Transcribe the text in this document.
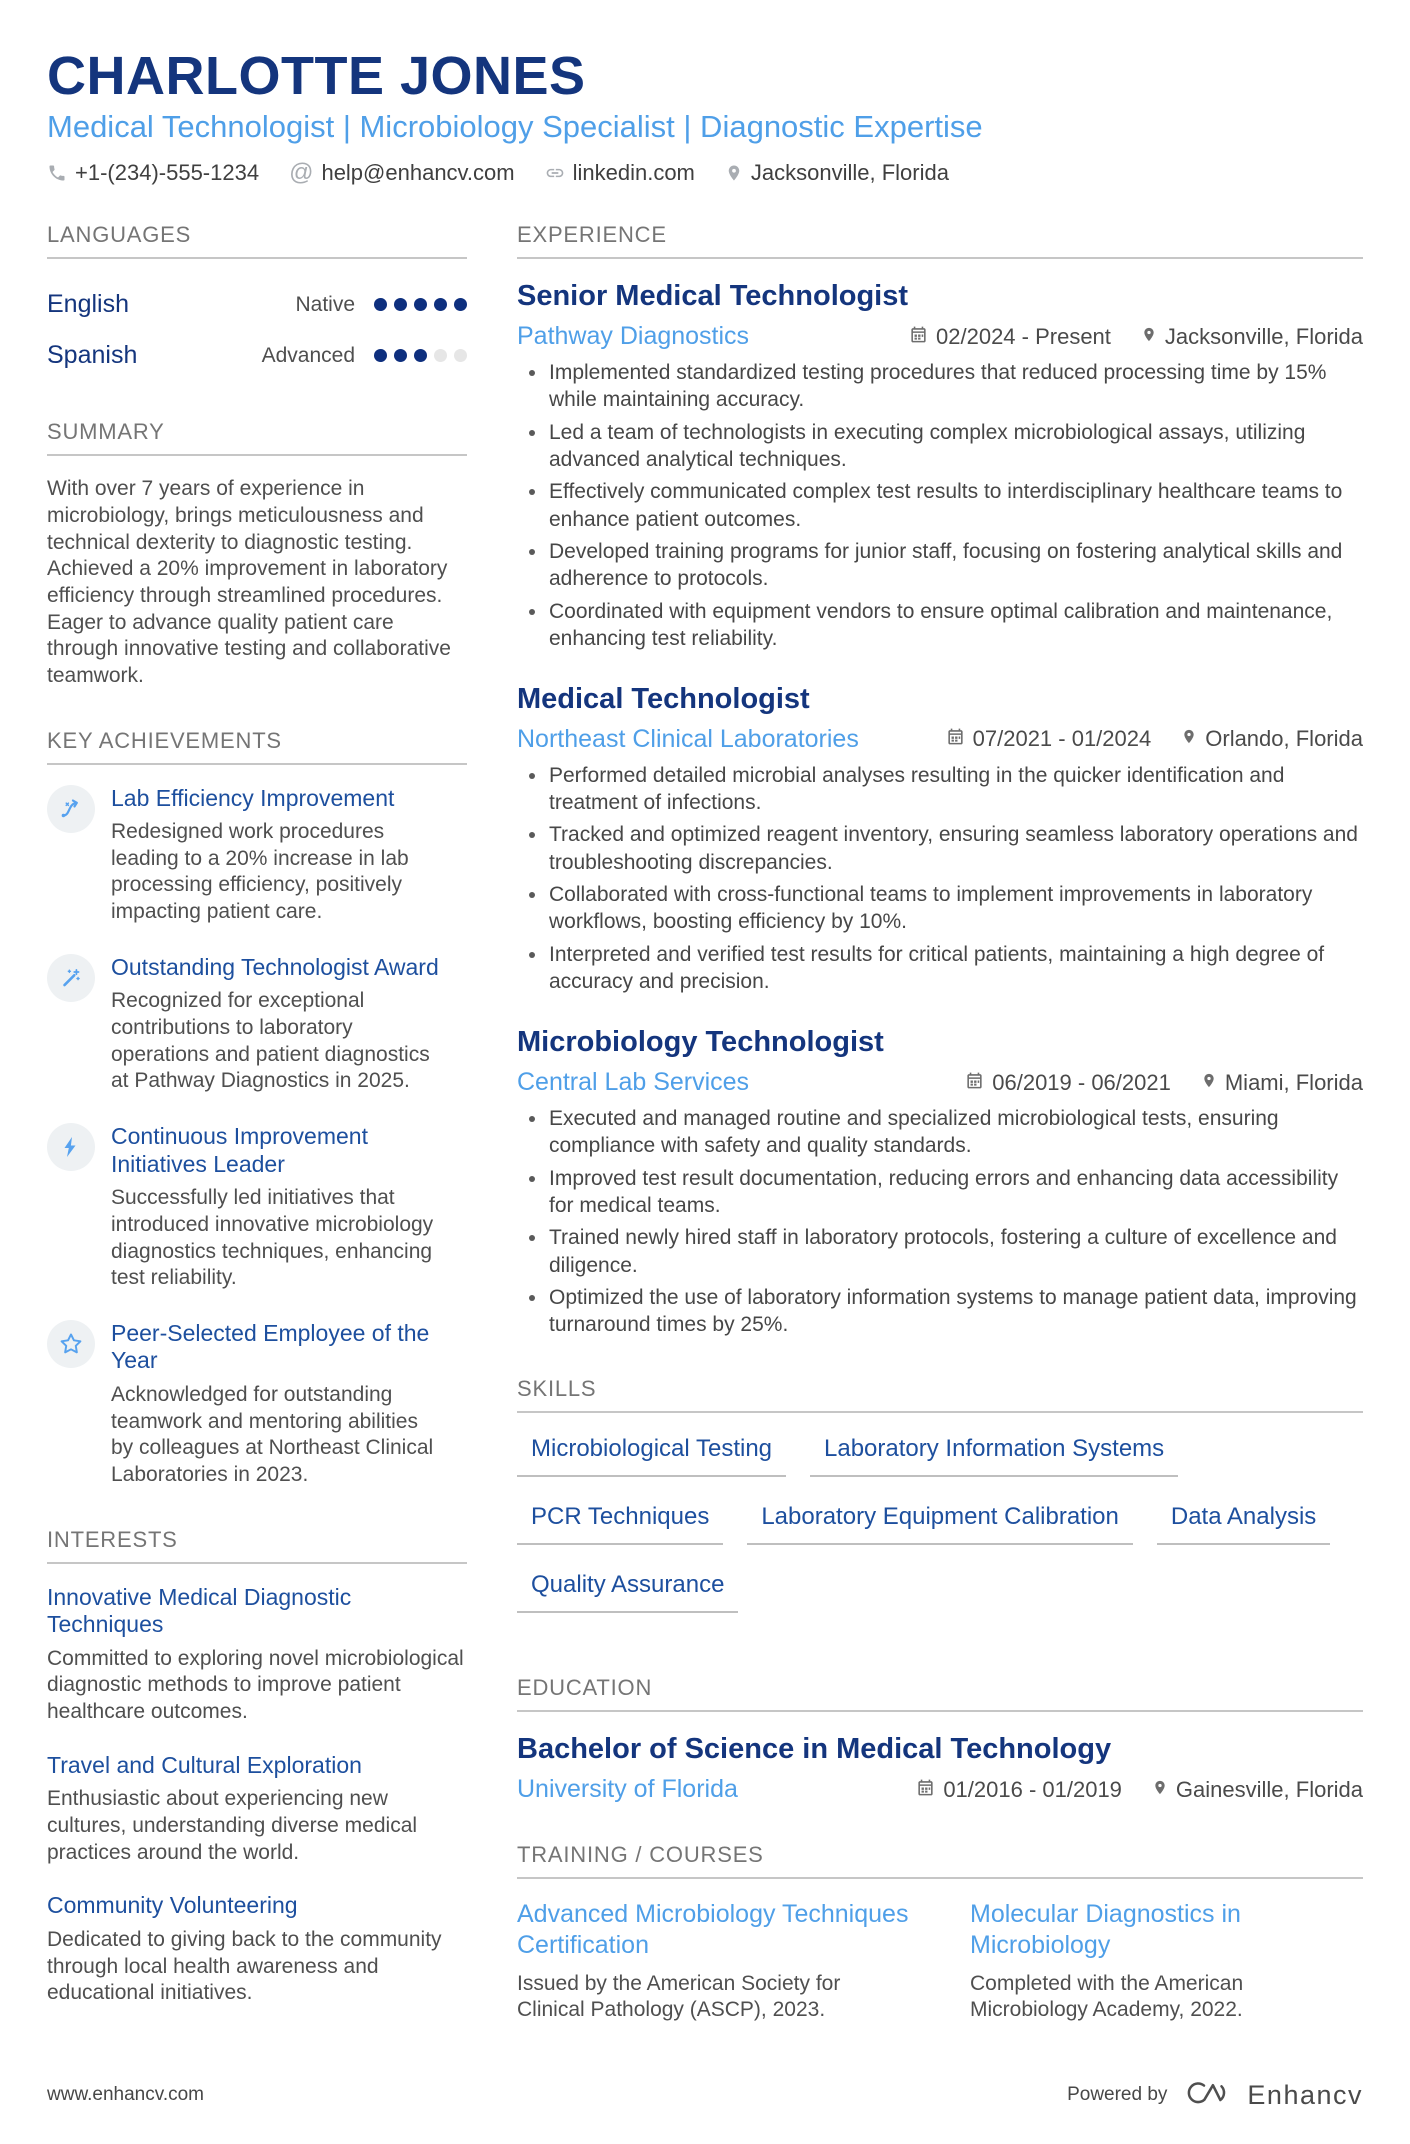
CHARLOTTE JONES
Medical Technologist | Microbiology Specialist | Diagnostic Expertise
+1-(234)-555-1234 @ help@enhancv.com	linkedin.com	Jacksonville, Florida
LANGUAGES
English	Native
Spanish	Advanced
SUMMARY
With over 7 years of experience in microbiology, brings meticulousness and technical dexterity to diagnostic testing. Achieved a 20% improvement in laboratory efficiency through streamlined procedures. Eager to advance quality patient care through innovative testing and collaborative teamwork.
KEY ACHIEVEMENTS
Lab Efficiency Improvement
Redesigned work procedures leading to a 20% increase in lab processing efficiency, positively impacting patient care.
Outstanding Technologist Award
Recognized for exceptional contributions to laboratory operations and patient diagnostics at Pathway Diagnostics in 2025.
Continuous Improvement Initiatives Leader
Successfully led initiatives that introduced innovative microbiology diagnostics techniques, enhancing test reliability.
Peer-Selected Employee of the Year
Acknowledged for outstanding teamwork and mentoring abilities by colleagues at Northeast Clinical Laboratories in 2023.
INTERESTS
Innovative Medical Diagnostic Techniques
Committed to exploring novel microbiological diagnostic methods to improve patient healthcare outcomes.
Travel and Cultural Exploration
Enthusiastic about experiencing new cultures, understanding diverse medical practices around the world.
Community Volunteering
Dedicated to giving back to the community through local health awareness and educational initiatives.
EXPERIENCE
Senior Medical Technologist
Pathway Diagnostics	02/2024 - Present Jacksonville, Florida
Implemented standardized testing procedures that reduced processing time by 15% while maintaining accuracy.
Led a team of technologists in executing complex microbiological assays, utilizing advanced analytical techniques.
Effectively communicated complex test results to interdisciplinary healthcare teams to enhance patient outcomes.
Developed training programs for junior staff, focusing on fostering analytical skills and adherence to protocols.
Coordinated with equipment vendors to ensure optimal calibration and maintenance, enhancing test reliability.
Medical Technologist
Northeast Clinical Laboratories	07/2021 - 01/2024 Orlando, Florida
Performed detailed microbial analyses resulting in the quicker identification and treatment of infections.
Tracked and optimized reagent inventory, ensuring seamless laboratory operations and troubleshooting discrepancies.
Collaborated with cross-functional teams to implement improvements in laboratory workflows, boosting efficiency by 10%.
Interpreted and verified test results for critical patients, maintaining a high degree of accuracy and precision.
Microbiology Technologist
Central Lab Services	06/2019 - 06/2021 Miami, Florida
Executed and managed routine and specialized microbiological tests, ensuring compliance with safety and quality standards.
Improved test result documentation, reducing errors and enhancing data accessibility for medical teams.
Trained newly hired staff in laboratory protocols, fostering a culture of excellence and diligence.
Optimized the use of laboratory information systems to manage patient data, improving turnaround times by 25%.
SKILLS
Microbiological Testing	Laboratory Information Systems
PCR Techniques	Laboratory Equipment Calibration	Data Analysis
Quality Assurance
EDUCATION
Bachelor of Science in Medical Technology
University of Florida	01/2016 - 01/2019 Gainesville, Florida
TRAINING / COURSES
Advanced Microbiology Techniques Certification
Issued by the American Society for Clinical Pathology (ASCP), 2023.
Molecular Diagnostics in Microbiology
Completed with the American Microbiology Academy, 2022.
www.enhancv.com	Powered by	Enhancv
